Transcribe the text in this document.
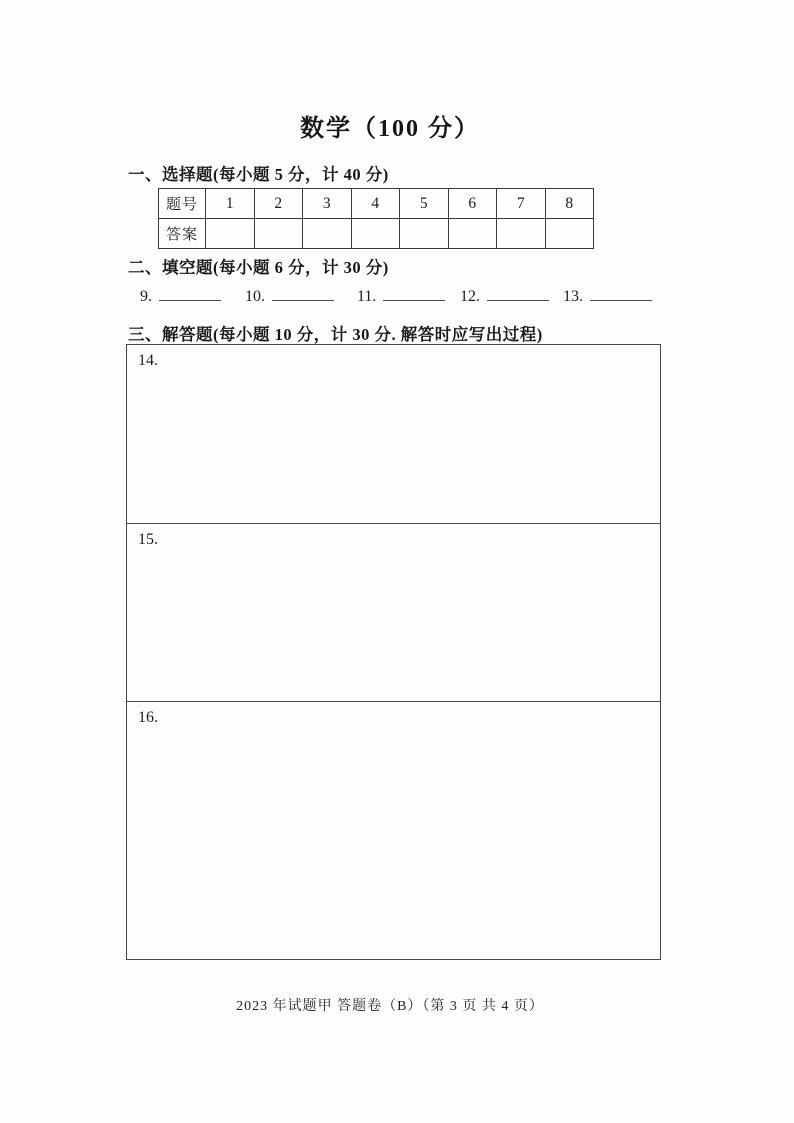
数学（100 分）
一、选择题(每小题 5 分，计 40 分)
题号	1	2	3	4	5	6	7	8
答案
二、填空题(每小题 6 分，计 30 分)
9.	10.	11.	12.	13.
三、解答题(每小题 10 分，计 30 分. 解答时应写出过程)
14.
15.
16.
2023 年试题甲 答题卷（B）（第 3 页 共 4 页）
